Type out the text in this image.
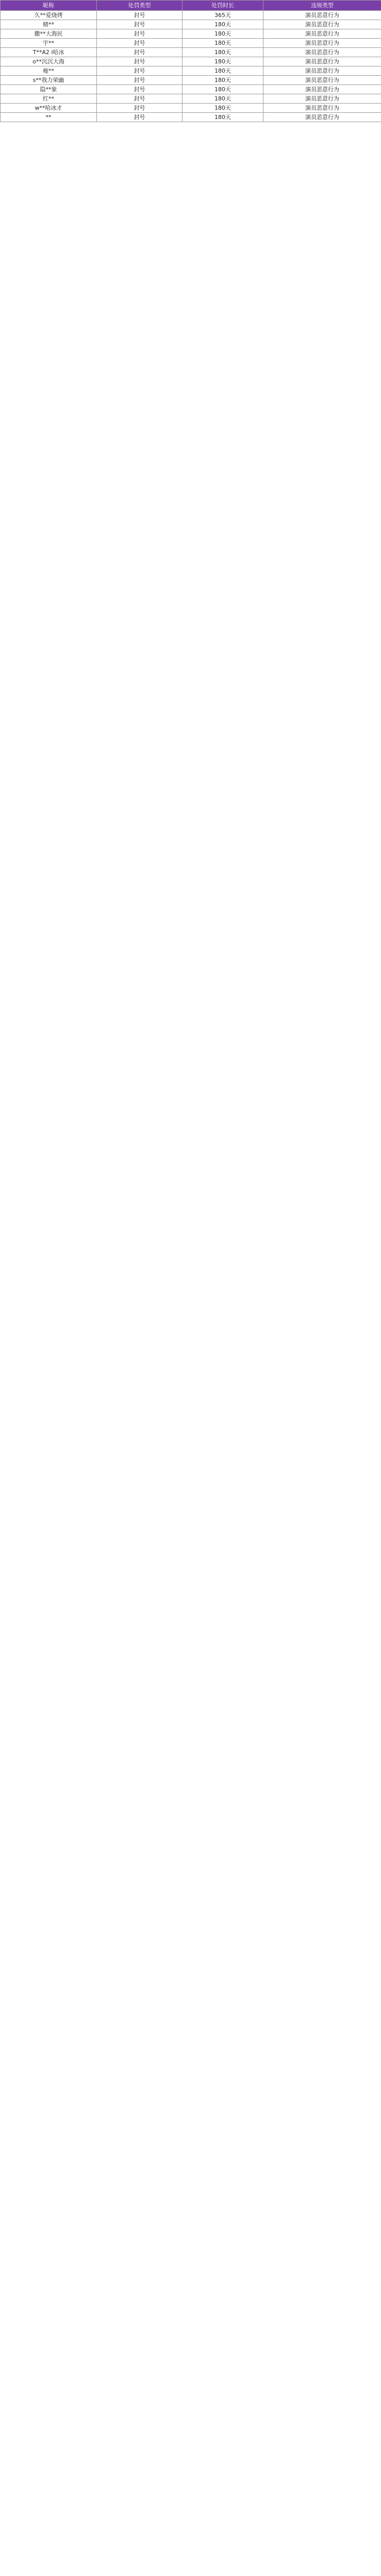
昵称	处罚类型	处罚时长	违规类型
久**爱烧烤	封号	365天	演员恶意行为
赌**	封号	180天	演员恶意行为
撒**大海民	封号	180天	演员恶意行为
宇**	封号	180天	演员恶意行为
T**A2 i哈冰	封号	180天	演员恶意行为
o**沉沉大海	封号	180天	演员恶意行为
瘦**	封号	180天	演员恶意行为
s**我力荣幽	封号	180天	演员恶意行为
隐**象	封号	180天	演员恶意行为
红**	封号	180天	演员恶意行为
w**哈冰才	封号	180天	演员恶意行为
**	封号	180天	演员恶意行为
